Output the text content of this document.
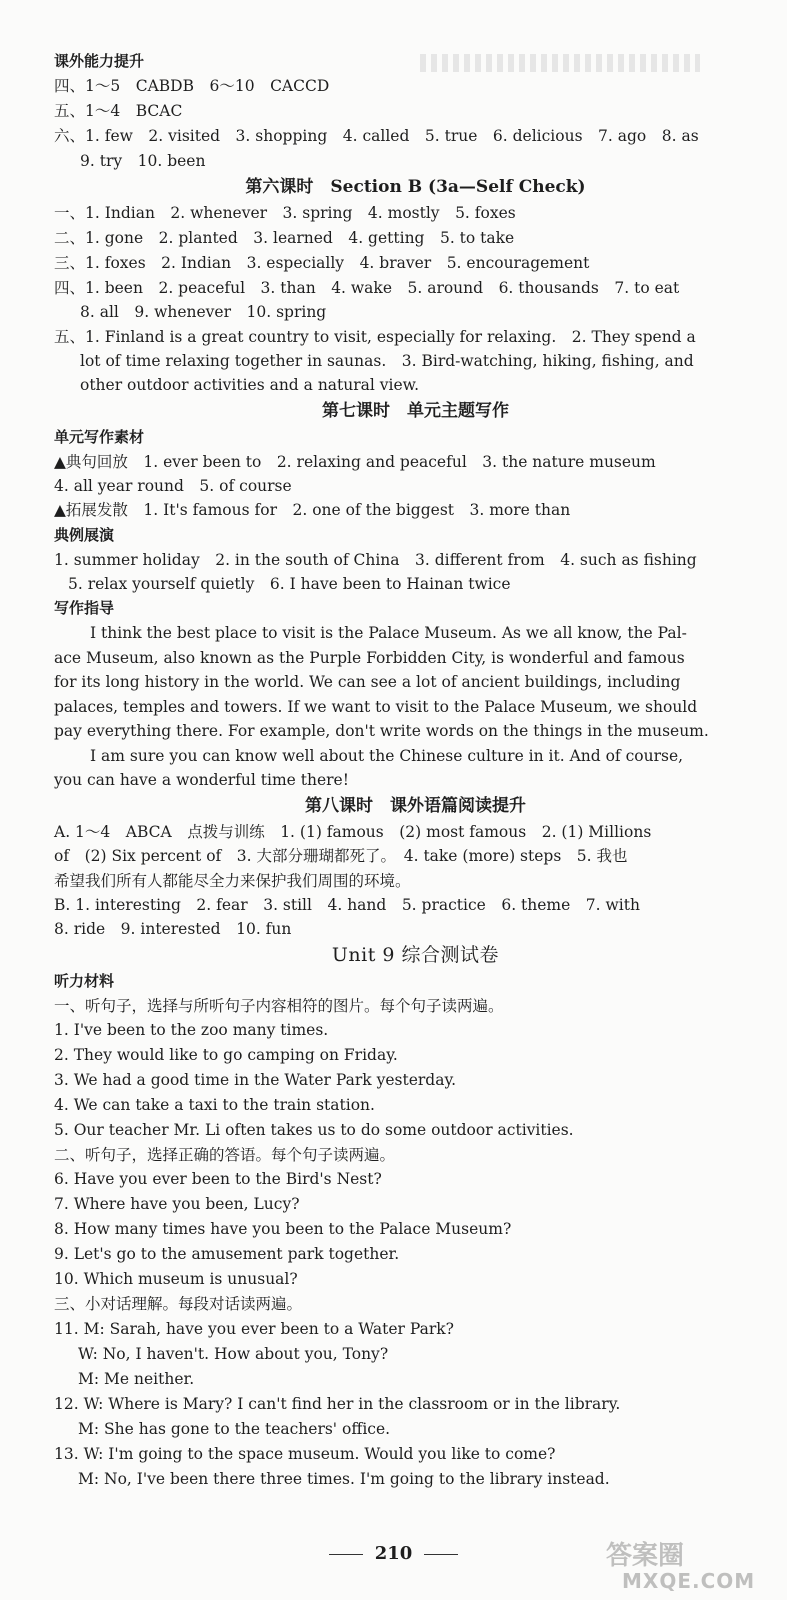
课外能力提升
四、1～5　CABDB　6～10　CACCD
五、1～4　BCAC
六、1. few　2. visited　3. shopping　4. called　5. true　6. delicious　7. ago　8. as
9. try　10. been
第六课时　Section B (3a—Self Check)
一、1. Indian　2. whenever　3. spring　4. mostly　5. foxes
二、1. gone　2. planted　3. learned　4. getting　5. to take
三、1. foxes　2. Indian　3. especially　4. braver　5. encouragement
四、1. been　2. peaceful　3. than　4. wake　5. around　6. thousands　7. to eat
8. all　9. whenever　10. spring
五、1. Finland is a great country to visit, especially for relaxing.　2. They spend a
lot of time relaxing together in saunas.　3. Bird-watching, hiking, fishing, and
other outdoor activities and a natural view.
第七课时　单元主题写作
单元写作素材
▲典句回放　1. ever been to　2. relaxing and peaceful　3. the nature museum
4. all year round　5. of course
▲拓展发散　1. It's famous for　2. one of the biggest　3. more than
典例展演
1. summer holiday　2. in the south of China　3. different from　4. such as fishing
5. relax yourself quietly　6. I have been to Hainan twice
写作指导
I think the best place to visit is the Palace Museum. As we all know, the Pal-
ace Museum, also known as the Purple Forbidden City, is wonderful and famous
for its long history in the world. We can see a lot of ancient buildings, including
palaces, temples and towers. If we want to visit to the Palace Museum, we should
pay everything there. For example, don't write words on the things in the museum.
I am sure you can know well about the Chinese culture in it. And of course,
you can have a wonderful time there!
第八课时　课外语篇阅读提升
A. 1～4　ABCA　点拨与训练　1. (1) famous　(2) most famous　2. (1) Millions
of　(2) Six percent of　3. 大部分珊瑚都死了。　4. take (more) steps　5. 我也
希望我们所有人都能尽全力来保护我们周围的环境。
B. 1. interesting　2. fear　3. still　4. hand　5. practice　6. theme　7. with
8. ride　9. interested　10. fun
Unit 9 综合测试卷
听力材料
一、听句子，选择与所听句子内容相符的图片。每个句子读两遍。
1. I've been to the zoo many times.
2. They would like to go camping on Friday.
3. We had a good time in the Water Park yesterday.
4. We can take a taxi to the train station.
5. Our teacher Mr. Li often takes us to do some outdoor activities.
二、听句子，选择正确的答语。每个句子读两遍。
6. Have you ever been to the Bird's Nest?
7. Where have you been, Lucy?
8. How many times have you been to the Palace Museum?
9. Let's go to the amusement park together.
10. Which museum is unusual?
三、小对话理解。每段对话读两遍。
11. M: Sarah, have you ever been to a Water Park?
W: No, I haven't. How about you, Tony?
M: Me neither.
12. W: Where is Mary? I can't find her in the classroom or in the library.
M: She has gone to the teachers' office.
13. W: I'm going to the space museum. Would you like to come?
M: No, I've been there three times. I'm going to the library instead.
210	答案圈
MXQE.COM
